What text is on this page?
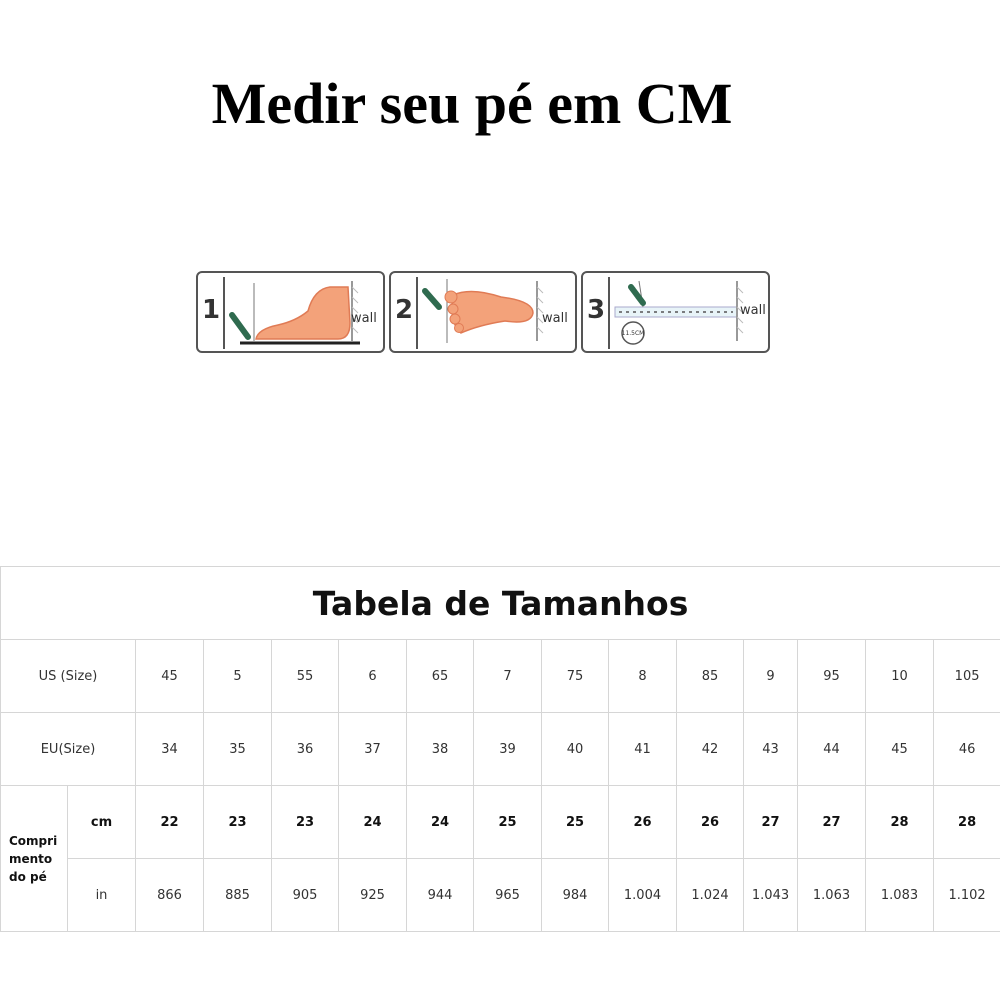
Medir seu pé em CM
1	wall 2	wall 3
11.5CM
wall
Tabela de Tamanhos														
US (Size)		45	5	55	6	65	7	75	8	85	9	95	10	105
EU(Size)		34	35	36	37	38	39	40	41	42	43	44	45	46

Compri
mento
do pé	cm	22	23	23	24	24	25	25	26	26	27	27	28	28
	in	866	885	905	925	944	965	984	1.004	1.024	1.043	1.063	1.083	1.102
